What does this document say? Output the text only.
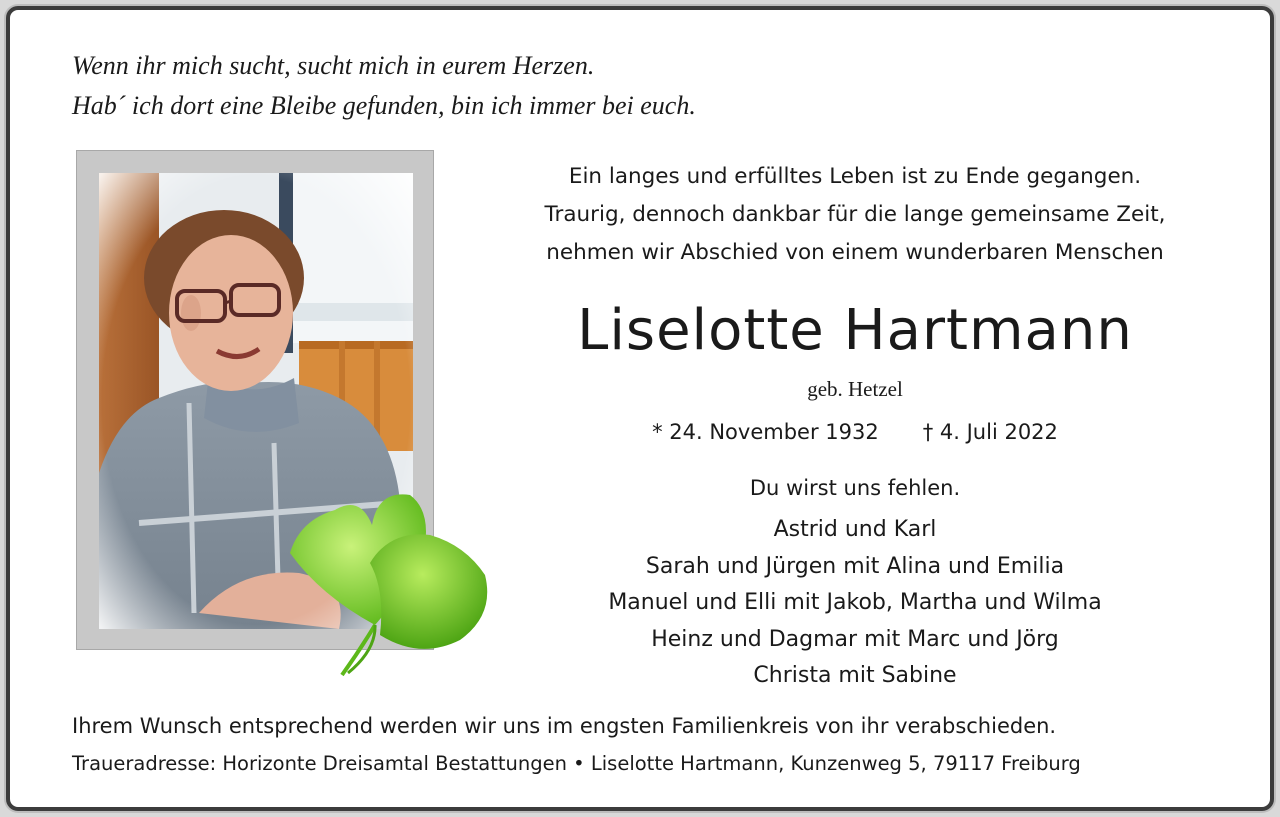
Wenn ihr mich sucht, sucht mich in eurem Herzen.
Hab´ ich dort eine Bleibe gefunden, bin ich immer bei euch.
Ein langes und erfülltes Leben ist zu Ende gegangen.
Traurig, dennoch dankbar für die lange gemeinsame Zeit,
nehmen wir Abschied von einem wunderbaren Menschen
Liselotte Hartmann
geb. Hetzel
* 24. November 1932 † 4. Juli 2022
Du wirst uns fehlen.
Astrid und Karl
Sarah und Jürgen mit Alina und Emilia
Manuel und Elli mit Jakob, Martha und Wilma
Heinz und Dagmar mit Marc und Jörg
Christa mit Sabine
Ihrem Wunsch entsprechend werden wir uns im engsten Familienkreis von ihr verabschieden.
Traueradresse: Horizonte Dreisamtal Bestattungen • Liselotte Hartmann, Kunzenweg 5, 79117 Freiburg
